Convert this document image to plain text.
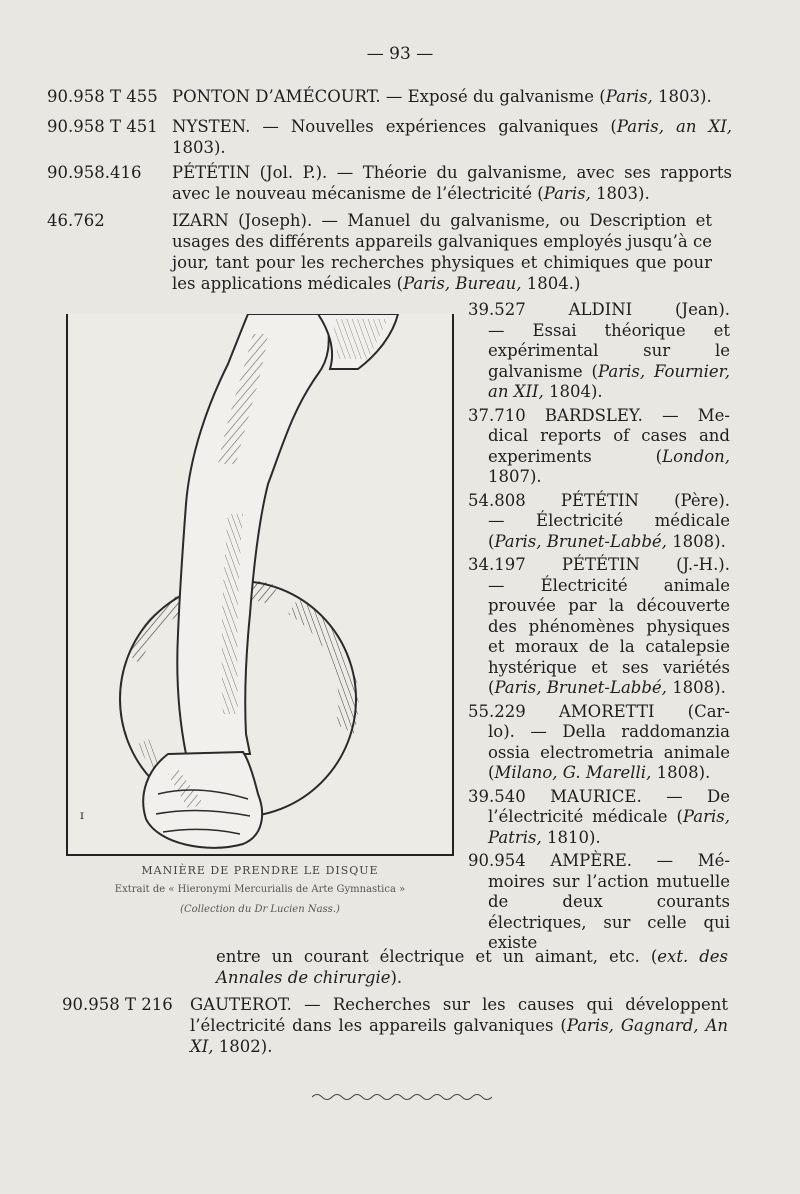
— 93 —
90.958 T 455 PONTON D’AMÉCOURT. — Exposé du galvanisme (Paris, 1803).
90.958 T 451 NYSTEN. — Nouvelles expériences galvaniques (Paris, an XI, 1803).
90.958.416 PÉTÉTIN (Jol. P.). — Théorie du galvanisme, avec ses rapports avec le nouveau mécanisme de l’électricité (Paris, 1803).
46.762	IZARN (Joseph). — Manuel du galvanisme, ou Description et usages des différents appareils galvaniques employés jusqu’à ce jour, tant pour les recherches physiques et chimiques que pour les applications médicales (Paris, Bureau, 1804.)
ɪ
MANIÈRE DE PRENDRE LE DISQUE
Extrait de « Hieronymi Mercurialis de Arte Gymnastica »
(Collection du Dr Lucien Nass.)
39.527 ALDINI (Jean).
— Essai théorique et expérimental sur le galvanisme (Paris, Fournier, an XII, 1804).
37.710 BARDSLEY. — Me-
dical reports of cases and experiments (London, 1807).
54.808 PÉTÉTIN (Père).
— Électricité médicale (Paris, Brunet-Labbé, 1808).
34.197 PÉTÉTIN (J.-H.).
— Électricité animale prouvée par la découverte des phénomènes physiques et moraux de la catalepsie hystérique et ses variétés (Paris, Brunet-Labbé, 1808).
55.229 AMORETTI (Car-
lo). — Della raddomanzia ossia electrometria animale (Milano, G. Marelli, 1808).
39.540 MAURICE. — De
l’électricité médicale (Paris, Patris, 1810).
90.954 AMPÈRE. — Mé-
moires sur l’action mutuelle de deux courants électriques, sur celle qui existe
entre un courant électrique et un aimant, etc. (ext. des Annales de chirurgie).
90.958 T 216 GAUTEROT. — Recherches sur les causes qui développent l’électricité dans les appareils galvaniques (Paris, Gagnard, An XI, 1802).
